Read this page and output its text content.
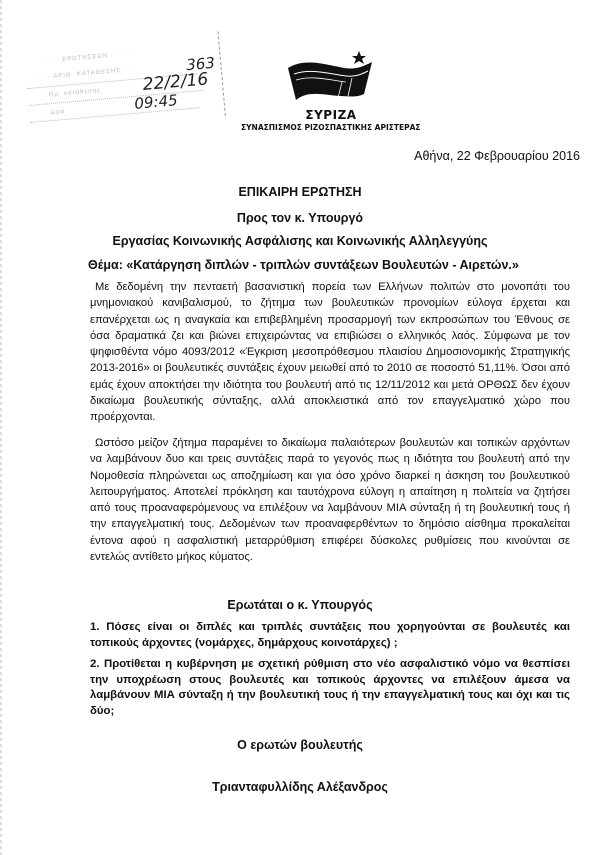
· · · ΕΡΩΤΗΣΕΩΝ · · · · ·
· · · ΑΡΙΘ. ΚΑΤΑΘΕΣΗΣ · · ·
· Ημ. κατάθεσης
· ώρα
363
22/2/16
09:45
ΣΥΡΙΖΑ
ΣΥΝΑΣΠΙΣΜΟΣ ΡΙΖΟΣΠΑΣΤΙΚΗΣ ΑΡΙΣΤΕΡΑΣ
Αθήνα, 22 Φεβρουαρίου 2016
ΕΠΙΚΑΙΡΗ ΕΡΩΤΗΣΗ
Προς τον κ. Υπουργό
Εργασίας Κοινωνικής Ασφάλισης και Κοινωνικής Αλληλεγγύης
Θέμα: «Κατάργηση διπλών - τριπλών συντάξεων Βουλευτών - Αιρετών.»

Με δεδομένη την πενταετή βασανιστική πορεία των Ελλήνων πολιτών στο μονοπάτι του μνημονιακού κανιβαλισμού, το ζήτημα των βουλευτικών προνομίων εύλογα έρχεται και επανέρχεται ως η αναγκαία και επιβεβλημένη προσαρμογή των εκπροσώπων του Έθνους σε όσα δραματικά ζει και βιώνει επιχειρώντας να επιβιώσει ο ελληνικός λαός. Σύμφωνα με τον ψηφισθέντα νόμο 4093/2012 «Έγκριση μεσοπρόθεσμου πλαισίου Δημοσιονομικής Στρατηγικής 2013-2016» οι βουλευτικές συντάξεις έχουν μειωθεί από το 2010 σε ποσοστό 51,11%. Όσοι από εμάς έχουν αποκτήσει την ιδιότητα του βουλευτή από τις 12/11/2012 και μετά ΟΡΘΩΣ δεν έχουν δικαίωμα βουλευτικής σύνταξης, αλλά αποκλειστικά από τον επαγγελματικό χώρο που προέρχονται.

Ωστόσο μείζον ζήτημα παραμένει το δικαίωμα παλαιότερων βουλευτών και τοπικών αρχόντων να λαμβάνουν δυο και τρεις συντάξεις παρά το γεγονός πως η ιδιότητα του βουλευτή από την Νομοθεσία πληρώνεται ως αποζημίωση και για όσο χρόνο διαρκεί η άσκηση του βουλευτικού λειτουργήματος. Αποτελεί πρόκληση και ταυτόχρονα εύλογη η απαίτηση η πολιτεία να ζητήσει από τους προαναφερόμενους να επιλέξουν να λαμβάνουν ΜΙΑ σύνταξη ή τη βουλευτική τους ή την επαγγελματική τους. Δεδομένων των προαναφερθέντων το δημόσιο αίσθημα προκαλείται έντονα αφού η ασφαλιστική μεταρρύθμιση επιφέρει δύσκολες ρυθμίσεις που κινούνται σε εντελώς αντίθετο μήκος κύματος.

Ερωτάται ο κ. Υπουργός
1. Πόσες είναι οι διπλές και τριπλές συντάξεις που χορηγούνται σε βουλευτές και τοπικούς άρχοντες (νομάρχες, δημάρχους κοινοτάρχες) ;
2. Προτίθεται η κυβέρνηση με σχετική ρύθμιση στο νέο ασφαλιστικό νόμο να θεσπίσει την υποχρέωση στους βουλευτές και τοπικούς άρχοντες να επιλέξουν άμεσα να λαμβάνουν ΜΙΑ σύνταξη ή την βουλευτική τους ή την επαγγελματική τους και όχι και τις δύο;
Ο ερωτών βουλευτής
Τριανταφυλλίδης Αλέξανδρος
